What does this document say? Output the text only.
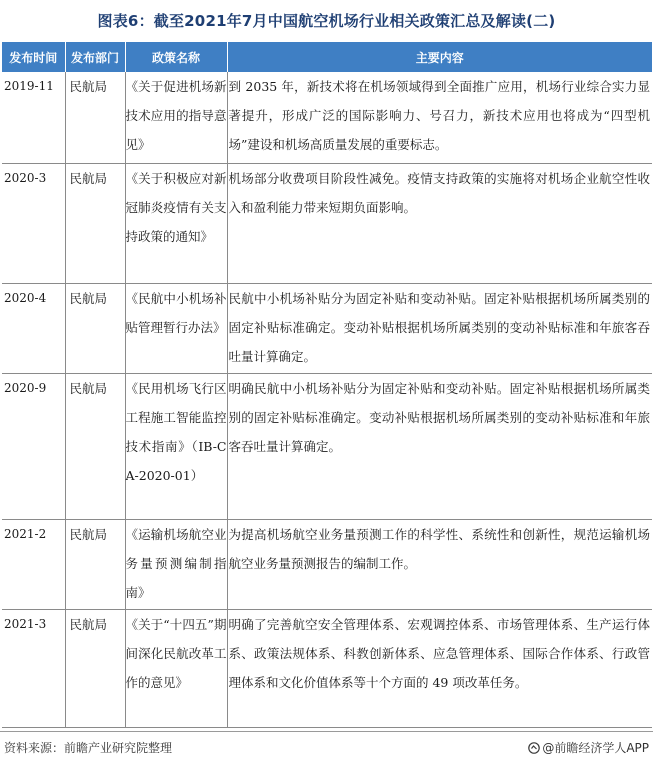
图表6：截至2021年7月中国航空机场行业相关政策汇总及解读(二)
发布时间	发布部门	政策名称	主要内容
2019-11	民航局	《关于促进机场新技术应用的指导意见》	到 2035 年，新技术将在机场领域得到全面推广应用，机场行业综合实力显著提升，形成广泛的国际影响力、号召力，新技术应用也将成为“四型机场”建设和机场高质量发展的重要标志。
2020-3	民航局	《关于积极应对新冠肺炎疫情有关支持政策的通知》	机场部分收费项目阶段性减免。疫情支持政策的实施将对机场企业航空性收入和盈利能力带来短期负面影响。
2020-4	民航局	《民航中小机场补贴管理暂行办法》	民航中小机场补贴分为固定补贴和变动补贴。固定补贴根据机场所属类别的固定补贴标准确定。变动补贴根据机场所属类别的变动补贴标准和年旅客吞吐量计算确定。
2020-9	民航局	《民用机场飞行区工程施工智能监控技术指南》（IB-CA-2020-01）	明确民航中小机场补贴分为固定补贴和变动补贴。固定补贴根据机场所属类别的固定补贴标准确定。变动补贴根据机场所属类别的变动补贴标准和年旅客吞吐量计算确定。
2021-2	民航局	《运输机场航空业务量预测编制指南》	为提高机场航空业务量预测工作的科学性、系统性和创新性，规范运输机场航空业务量预测报告的编制工作。
2021-3	民航局	《关于“十四五”期间深化民航改革工作的意见》	明确了完善航空安全管理体系、宏观调控体系、市场管理体系、生产运行体系、政策法规体系、科教创新体系、应急管理体系、国际合作体系、行政管理体系和文化价值体系等十个方面的 49 项改革任务。
资料来源：前瞻产业研究院整理	@前瞻经济学人APP
